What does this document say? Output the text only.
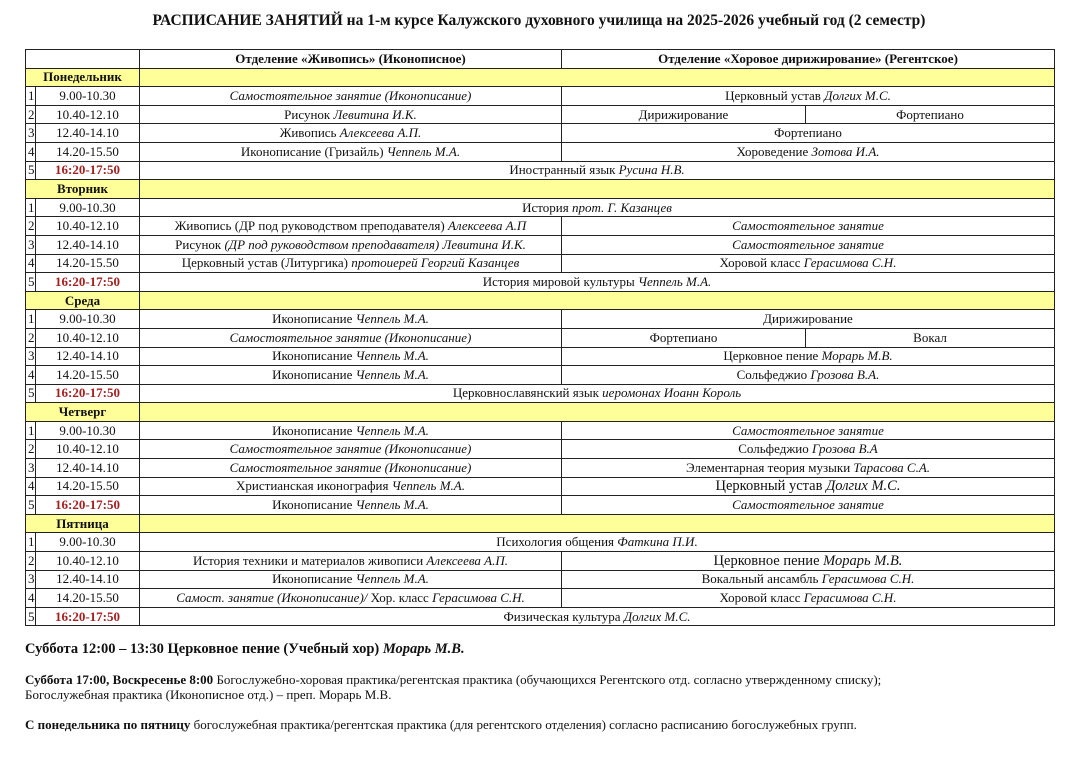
РАСПИСАНИЕ ЗАНЯТИЙ на 1-м курсе Калужского духовного училища на 2025-2026 учебный год (2 семестр)
		Отделение «Живопись» (Иконописное)	Отделение «Хоровое дирижирование» (Регентское)	
Понедельник				
1	9.00-10.30	Самостоятельное занятие (Иконописание)	Церковный устав Долгих М.С.	
2	10.40-12.10	Рисунок Левитина И.К.	Дирижирование	Фортепиано
3	12.40-14.10	Живопись Алексеева А.П.	Фортепиано	
4	14.20-15.50	Иконописание (Гризайль) Чеппель М.А.	Хороведение Зотова И.А.	
5	16:20-17:50	Иностранный язык Русина Н.В.		
Вторник				
1	9.00-10.30	История прот. Г. Казанцев		
2	10.40-12.10	Живопись (ДР под руководством преподавателя) Алексеева А.П	Самостоятельное занятие	
3	12.40-14.10	Рисунок (ДР под руководством преподавателя) Левитина И.К.	Самостоятельное занятие	
4	14.20-15.50	Церковный устав (Литургика) протоиерей Георгий Казанцев	Хоровой класс Герасимова С.Н.	
5	16:20-17:50	История мировой культуры Чеппель М.А.		
Среда				
1	9.00-10.30	Иконописание Чеппель М.А.	Дирижирование	
2	10.40-12.10	Самостоятельное занятие (Иконописание)	Фортепиано	Вокал
3	12.40-14.10	Иконописание Чеппель М.А.	Церковное пение Морарь М.В.	
4	14.20-15.50	Иконописание Чеппель М.А.	Сольфеджио Грозова В.А.	
5	16:20-17:50	Церковнославянский язык иеромонах Иоанн Король		
Четверг				
1	9.00-10.30	Иконописание Чеппель М.А.	Самостоятельное занятие	
2	10.40-12.10	Самостоятельное занятие (Иконописание)	Сольфеджио Грозова В.А	
3	12.40-14.10	Самостоятельное занятие (Иконописание)	Элементарная теория музыки Тарасова С.А.	
4	14.20-15.50	Христианская иконография Чеппель М.А.	Церковный устав Долгих М.С.	
5	16:20-17:50	Иконописание Чеппель М.А.	Самостоятельное занятие	
Пятница				
1	9.00-10.30	Психология общения Фаткина П.И.		
2	10.40-12.10	История техники и материалов живописи Алексеева А.П.	Церковное пение Морарь М.В.	
3	12.40-14.10	Иконописание Чеппель М.А.	Вокальный ансамбль Герасимова С.Н.	
4	14.20-15.50	Самост. занятие (Иконописание)/ Хор. класс Герасимова С.Н.	Хоровой класс Герасимова С.Н.	
5	16:20-17:50	Физическая культура Долгих М.С.		
Суббота 12:00 – 13:30 Церковное пение (Учебный хор) Морарь М.В.
Суббота 17:00, Воскресенье 8:00 Богослужебно-хоровая практика/регентская практика (обучающихся Регентского отд. согласно утвержденному списку);
Богослужебная практика (Иконописное отд.) – преп. Морарь М.В.
С понедельника по пятницу богослужебная практика/регентская практика (для регентского отделения) согласно расписанию богослужебных групп.
